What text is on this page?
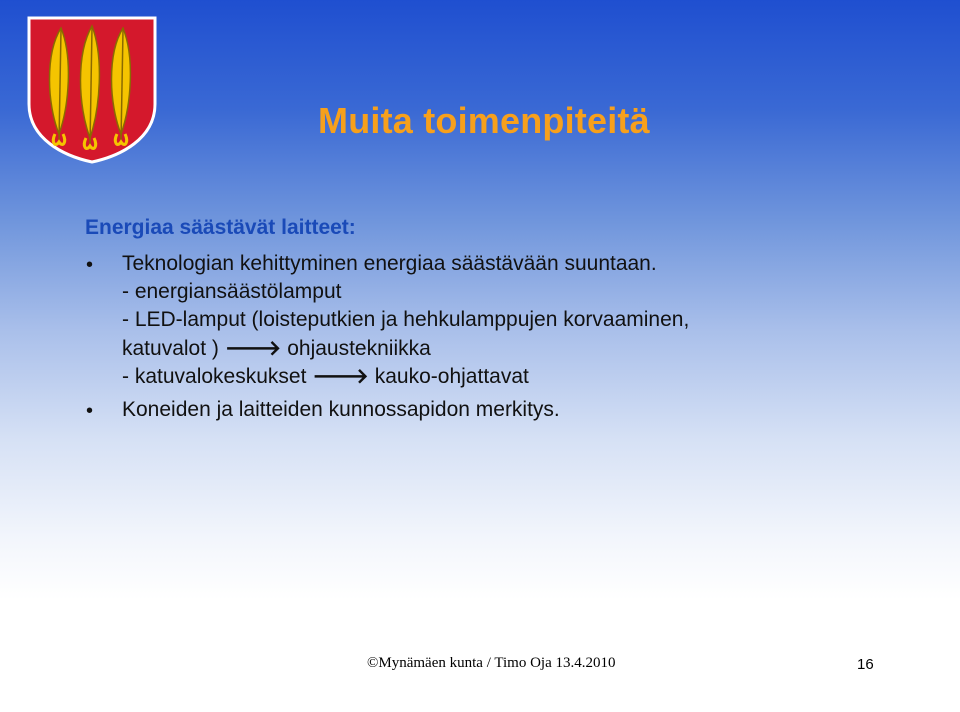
Muita toimenpiteitä
Energiaa säästävät laitteet:
• Teknologian kehittyminen energiaa säästävään suuntaan.
- energiansäästölamput
- LED-lamput (loisteputkien ja hehkulamppujen korvaaminen,
katuvalot ) 🡒 ohjaustekniikka
- katuvalokeskukset 🡒 kauko-ohjattavat
• Koneiden ja laitteiden kunnossapidon merkitys.
©Mynämäen kunta / Timo Oja 13.4.2010	16
